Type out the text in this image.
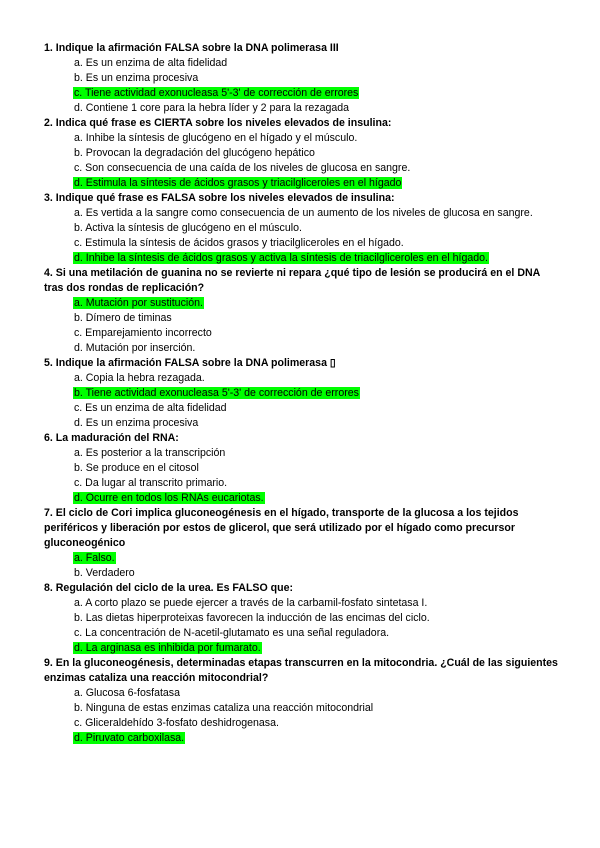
1. Indique la afirmación FALSA sobre la DNA polimerasa III

a. Es un enzima de alta fidelidad
b. Es un enzima procesiva
c. Tiene actividad exonucleasa 5'-3' de corrección de errores
d. Contiene 1 core para la hebra líder y 2 para la rezagada

2. Indica qué frase es CIERTA sobre los niveles elevados de insulina:

a. Inhibe la síntesis de glucógeno en el hígado y el músculo.
b. Provocan la degradación del glucógeno hepático
c. Son consecuencia de una caída de los niveles de glucosa en sangre.
d. Estimula la síntesis de ácidos grasos y triacilgliceroles en el hígado

3. Indique qué frase es FALSA sobre los niveles elevados de insulina:

a. Es vertida a la sangre como consecuencia de un aumento de los niveles de glucosa en sangre.
b. Activa la síntesis de glucógeno en el músculo.
c. Estimula la síntesis de ácidos grasos y triacilgliceroles en el hígado.
d. Inhibe la síntesis de ácidos grasos y activa la síntesis de triacilgliceroles en el hígado.

4. Si una metilación de guanina no se revierte ni repara ¿qué tipo de lesión se producirá en el DNA tras dos rondas de replicación?

a. Mutación por sustitución.
b. Dímero de timinas
c. Emparejamiento incorrecto
d. Mutación por inserción.

5. Indique la afirmación FALSA sobre la DNA polimerasa ▯

a. Copia la hebra rezagada.
b. Tiene actividad exonucleasa 5'-3' de corrección de errores
c. Es un enzima de alta fidelidad
d. Es un enzima procesiva

6. La maduración del RNA:

a. Es posterior a la transcripción
b. Se produce en el citosol
c. Da lugar al transcrito primario.
d. Ocurre en todos los RNAs eucariotas.

7. El ciclo de Cori implica gluconeogénesis en el hígado, transporte de la glucosa a los tejidos periféricos y liberación por estos de glicerol, que será utilizado por el hígado como precursor gluconeogénico

a. Falso.
b. Verdadero

8. Regulación del ciclo de la urea. Es FALSO que:

a. A corto plazo se puede ejercer a través de la carbamil-fosfato sintetasa I.
b. Las dietas hiperproteixas favorecen la inducción de las encimas del ciclo.
c. La concentración de N-acetil-glutamato es una señal reguladora.
d. La arginasa es inhibida por fumarato.

9. En la gluconeogénesis, determinadas etapas transcurren en la mitocondria. ¿Cuál de las siguientes enzimas cataliza una reacción mitocondrial?

a. Glucosa 6-fosfatasa
b. Ninguna de estas enzimas cataliza una reacción mitocondrial
c. Gliceraldehído 3-fosfato deshidrogenasa.
d. Piruvato carboxilasa.
